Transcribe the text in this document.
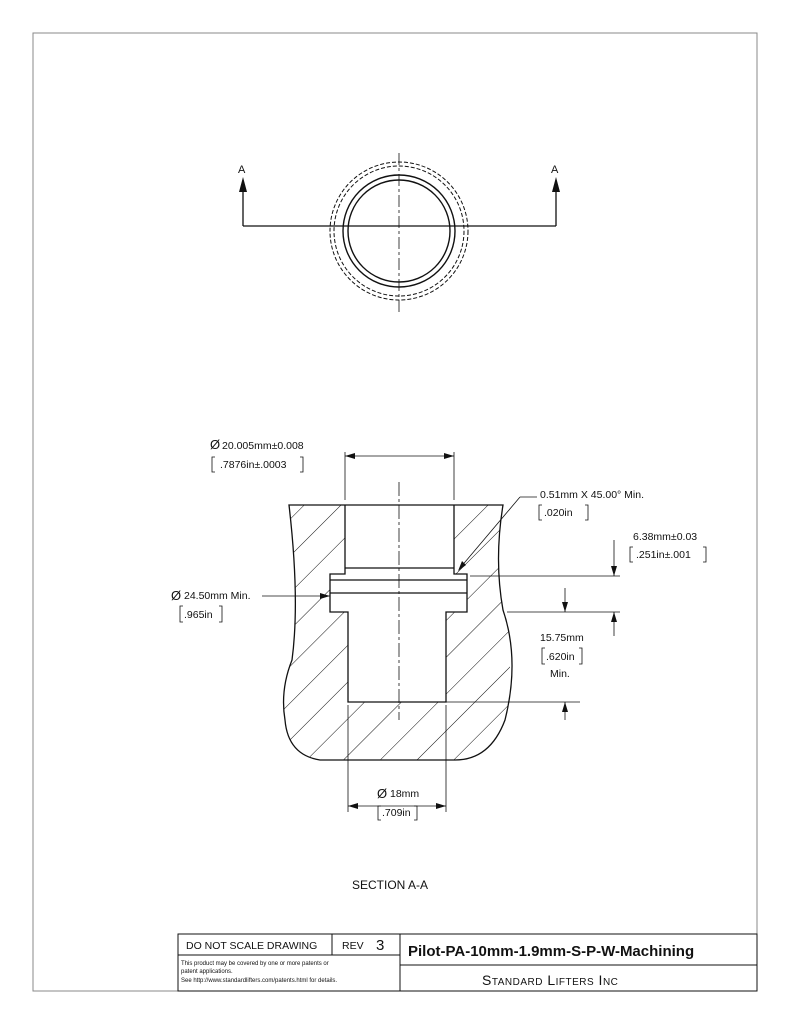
A	A
Ø 20.005mm±0.008
.7876in±.0003
0.51mm X 45.00° Min.
.020in
6.38mm±0.03
.251in±.001
Ø 24.50mm Min.
.965in
15.75mm
.620in
Min.
Ø 18mm
.709in
SECTION A-A
DO NOT SCALE DRAWING REV 3 Pilot-PA-10mm-1.9mm-S-P-W-Machining
Standard Lifters Inc
This product may be covered by one or more patents or
patent applications.
See http://www.standardlifters.com/patents.html for details.
